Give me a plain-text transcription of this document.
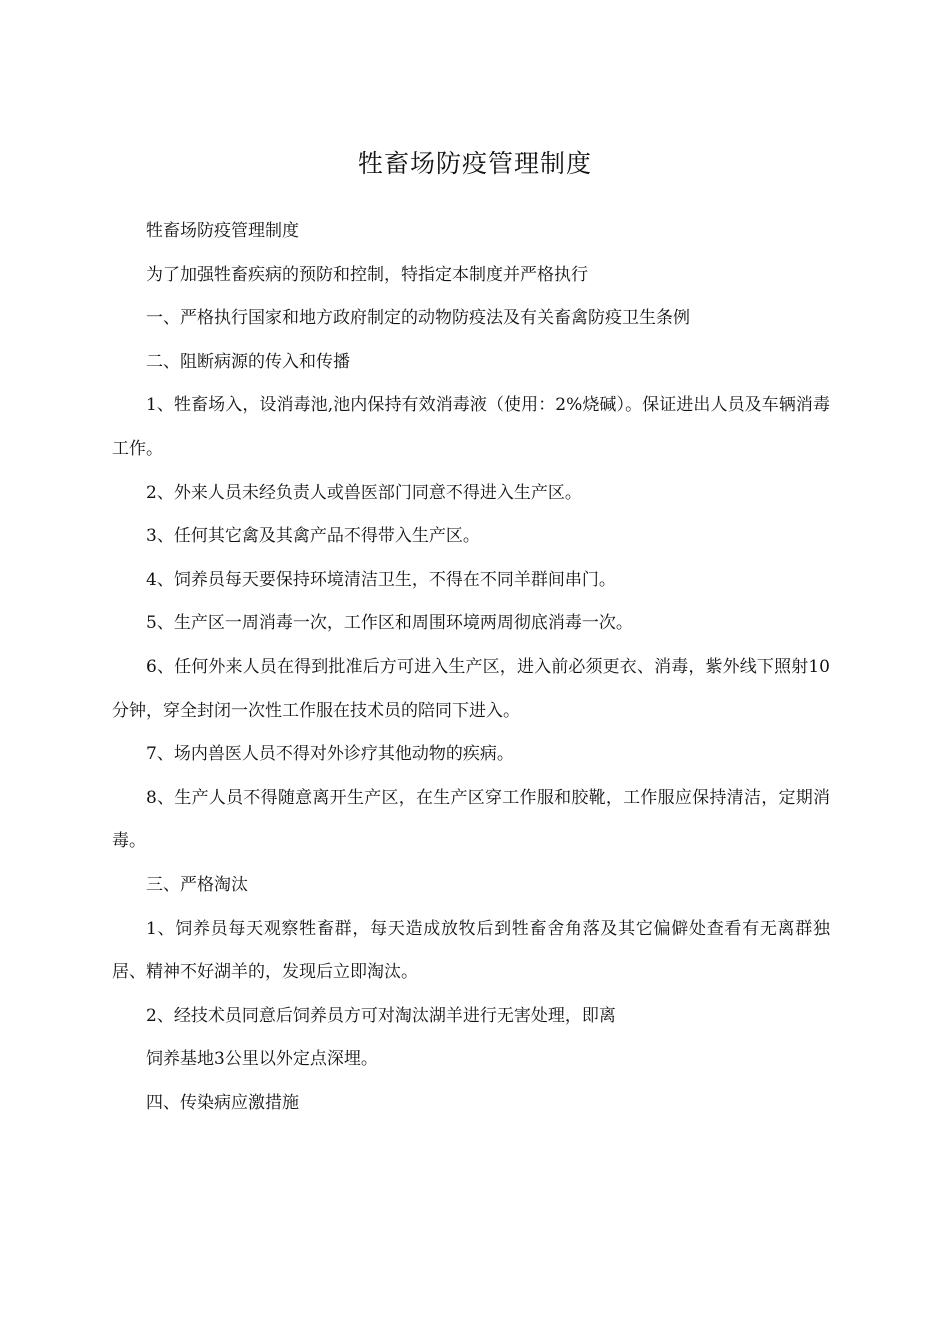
牲畜场防疫管理制度

牲畜场防疫管理制度

为了加强牲畜疾病的预防和控制，特指定本制度并严格执行

一、严格执行国家和地方政府制定的动物防疫法及有关畜禽防疫卫生条例

二、阻断病源的传入和传播

1、牲畜场入，设消毒池,池内保持有效消毒液（使用：2%烧碱）。保证进出人员及车辆消毒工作。

2、外来人员未经负责人或兽医部门同意不得进入生产区。

3、任何其它禽及其禽产品不得带入生产区。

4、饲养员每天要保持环境清洁卫生，不得在不同羊群间串门。

5、生产区一周消毒一次，工作区和周围环境两周彻底消毒一次。

6、任何外来人员在得到批准后方可进入生产区，进入前必须更衣、消毒，紫外线下照射10分钟，穿全封闭一次性工作服在技术员的陪同下进入。

7、场内兽医人员不得对外诊疗其他动物的疾病。

8、生产人员不得随意离开生产区，在生产区穿工作服和胶靴，工作服应保持清洁，定期消毒。

三、严格淘汰

1、饲养员每天观察牲畜群，每天造成放牧后到牲畜舍角落及其它偏僻处查看有无离群独居、精神不好湖羊的，发现后立即淘汰。

2、经技术员同意后饲养员方可对淘汰湖羊进行无害处理，即离

饲养基地3公里以外定点深埋。

四、传染病应激措施
